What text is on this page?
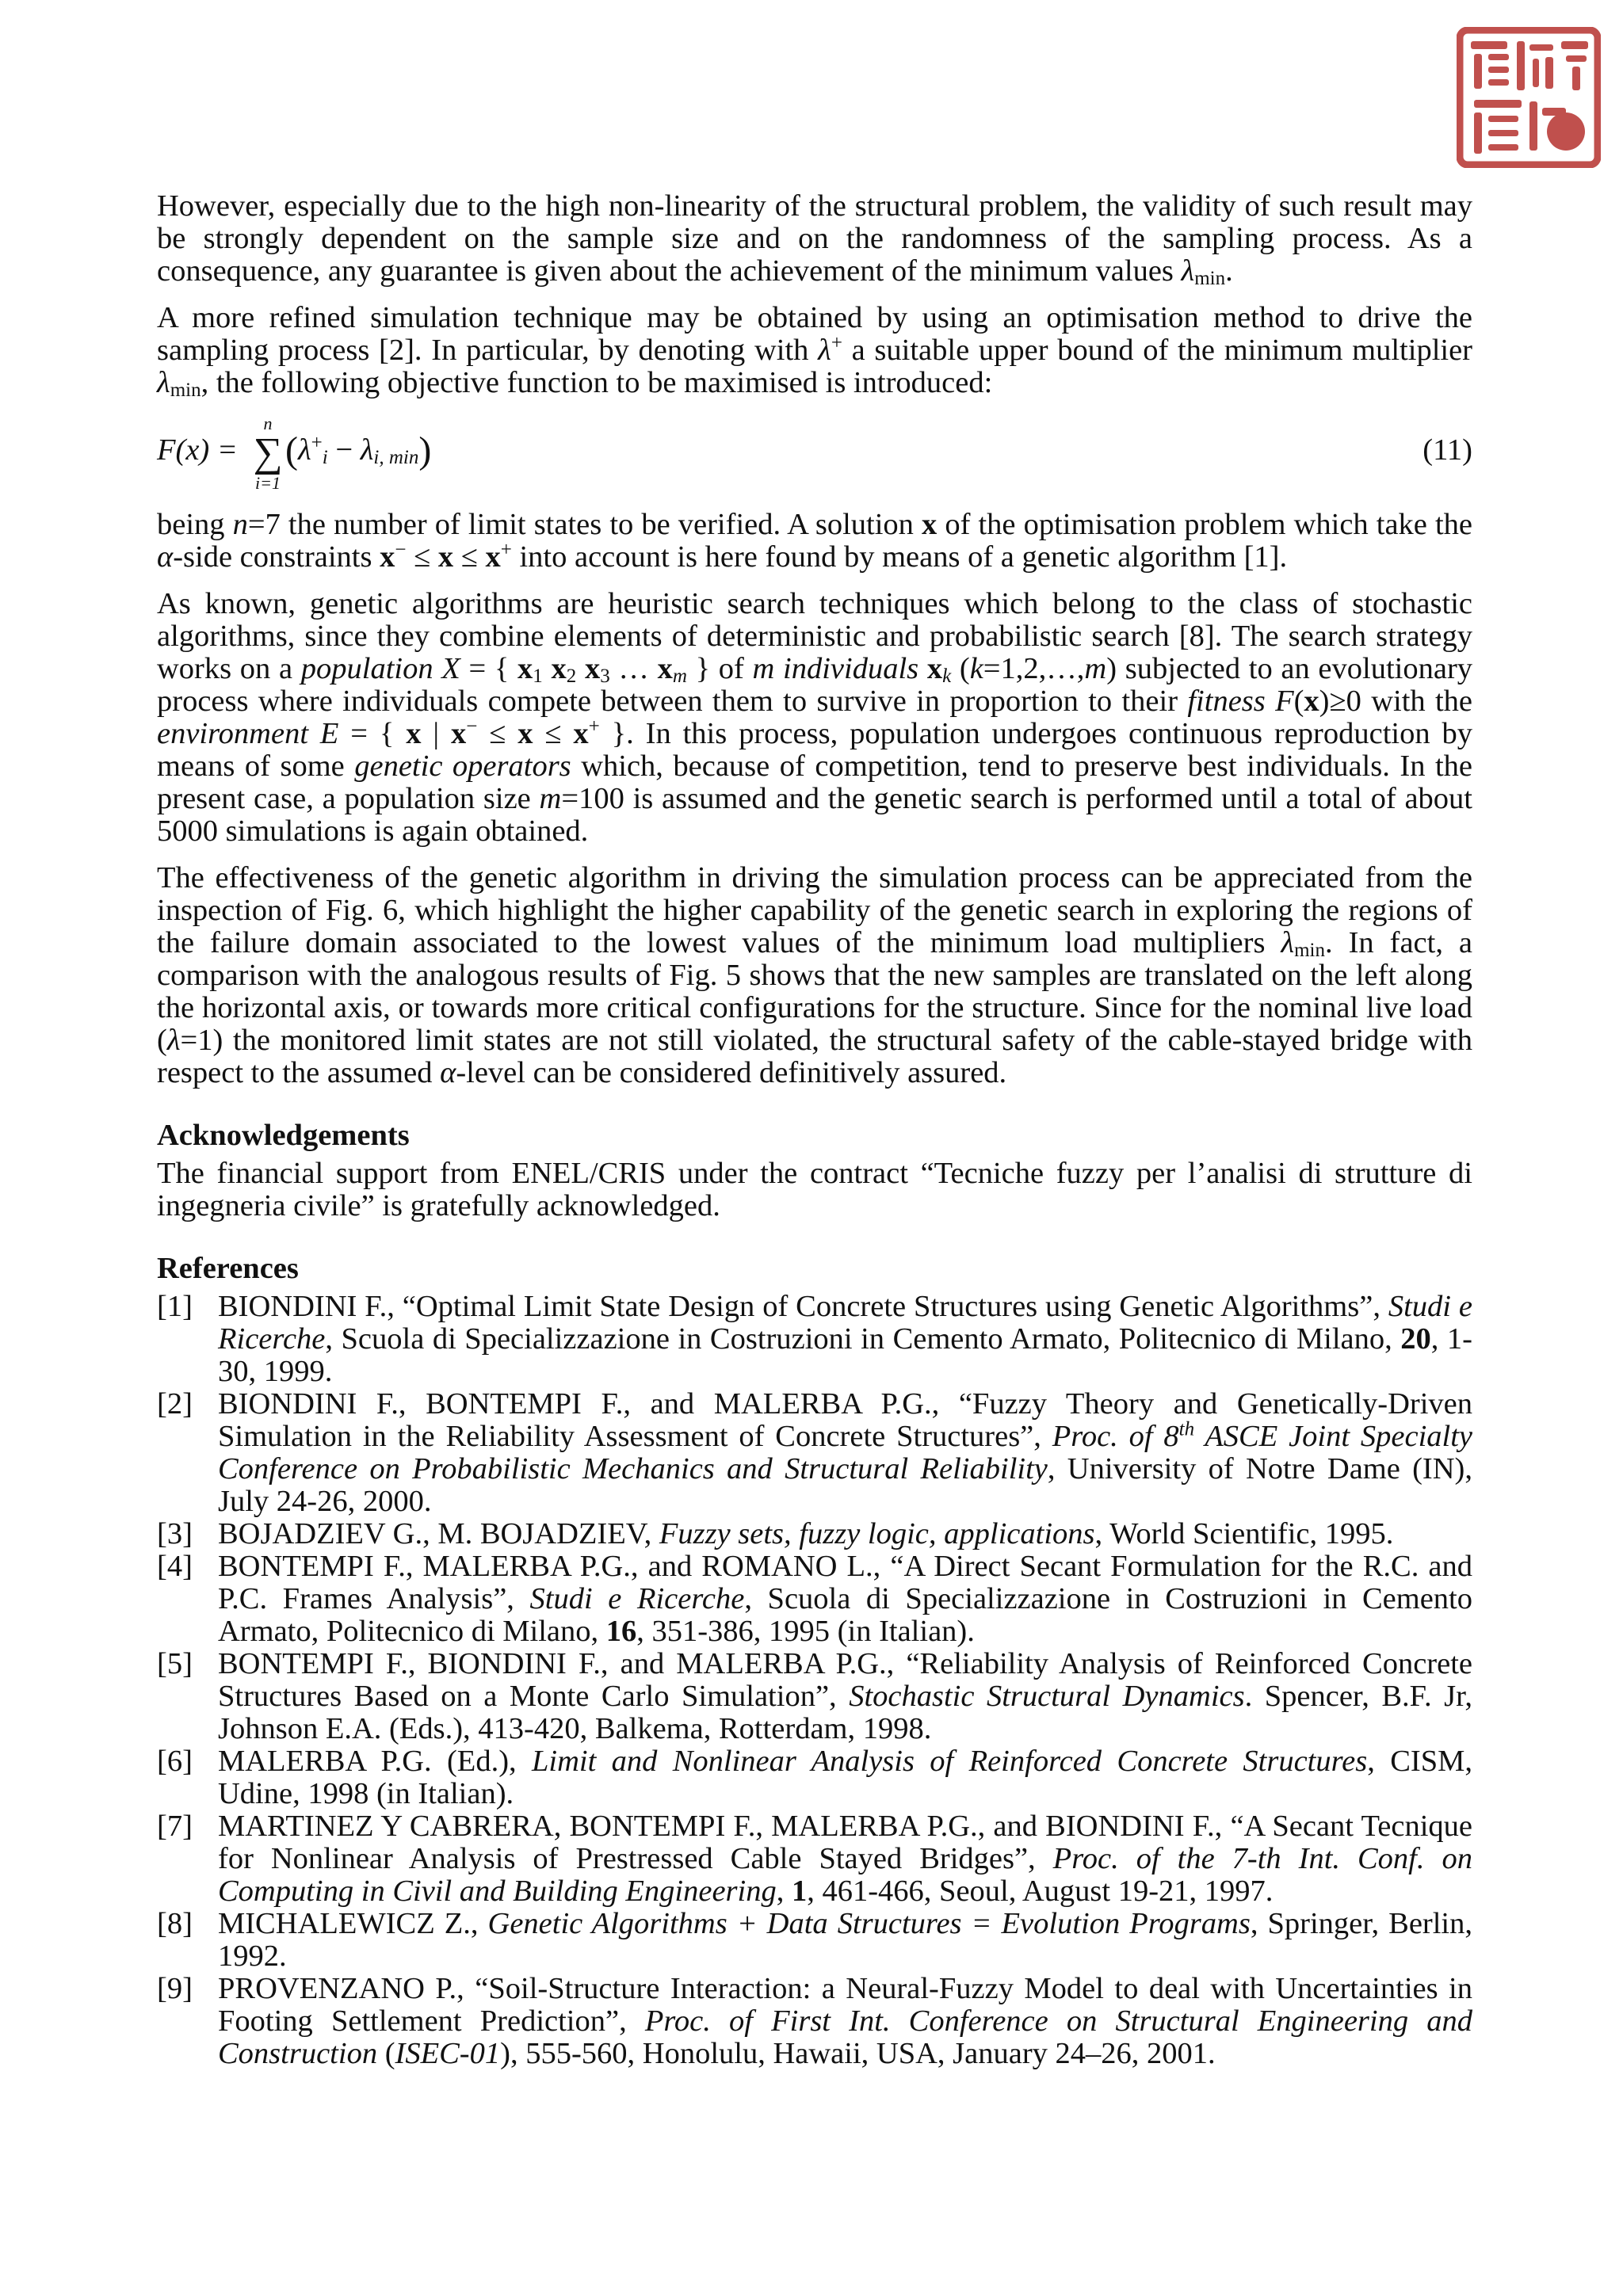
However, especially due to the high non-linearity of the structural problem, the validity of such result may be strongly dependent on the sample size and on the randomness of the sampling process. As a consequence, any guarantee is given about the achievement of the minimum values $\lambda_{min}$.

A more refined simulation technique may be obtained by using an optimisation method to drive the sampling process [2]. In particular, by denoting with λ+ a suitable upper bound of the minimum multiplier $\lambda_{min}$, the following objective function to be maximised is introduced:

F(x) =
n
∑
i=1
$(\lambda^+_i - \lambda_{i, min})$	(11)

being n=7 the number of limit states to be verified. A solution x of the optimisation problem which take the α-side constraints x− ≤ x ≤ x+ into account is here found by means of a genetic algorithm [1].

As known, genetic algorithms are heuristic search techniques which belong to the class of stochastic algorithms, since they combine elements of deterministic and probabilistic search [8]. The search strategy works on a population X = { $x_1$ $x_2$ $x_3$ … $x_m$ } of m individuals $x_k$ (k=1,2,…,m) subjected to an evolutionary process where individuals compete between them to survive in proportion to their fitness F(x)≥0 with the environment E = { x | x− ≤ x ≤ x+ }. In this process, population undergoes continuous reproduction by means of some genetic operators which, because of competition, tend to preserve best individuals. In the present case, a population size m=100 is assumed and the genetic search is performed until a total of about 5000 simulations is again obtained.

The effectiveness of the genetic algorithm in driving the simulation process can be appreciated from the inspection of Fig. 6, which highlight the higher capability of the genetic search in exploring the regions of the failure domain associated to the lowest values of the minimum load multipliers $\lambda_{min}$. In fact, a comparison with the analogous results of Fig. 5 shows that the new samples are translated on the left along the horizontal axis, or towards more critical configurations for the structure. Since for the nominal live load (λ=1) the monitored limit states are not still violated, the structural safety of the cable-stayed bridge with respect to the assumed α-level can be considered definitively assured.

Acknowledgements

The financial support from ENEL/CRIS under the contract “Tecniche fuzzy per l’analisi di strutture di ingegneria civile” is gratefully acknowledged.

References
[1] BIONDINI F., “Optimal Limit State Design of Concrete Structures using Genetic Algorithms”, Studi e Ricerche, Scuola di Specializzazione in Costruzioni in Cemento Armato, Politecnico di Milano, 20, 1-30, 1999.
[2] BIONDINI F., BONTEMPI F., and MALERBA P.G., “Fuzzy Theory and Genetically-Driven Simulation in the Reliability Assessment of Concrete Structures”, Proc. of 8th ASCE Joint Specialty Conference on Probabilistic Mechanics and Structural Reliability, University of Notre Dame (IN), July 24-26, 2000.
[3] BOJADZIEV G., M. BOJADZIEV, Fuzzy sets, fuzzy logic, applications, World Scientific, 1995.
[4] BONTEMPI F., MALERBA P.G., and ROMANO L., “A Direct Secant Formulation for the R.C. and P.C. Frames Analysis”, Studi e Ricerche, Scuola di Specializzazione in Costruzioni in Cemento Armato, Politecnico di Milano, 16, 351-386, 1995 (in Italian).
[5] BONTEMPI F., BIONDINI F., and MALERBA P.G., “Reliability Analysis of Reinforced Concrete Structures Based on a Monte Carlo Simulation”, Stochastic Structural Dynamics. Spencer, B.F. Jr, Johnson E.A. (Eds.), 413-420, Balkema, Rotterdam, 1998.
[6] MALERBA P.G. (Ed.), Limit and Nonlinear Analysis of Reinforced Concrete Structures, CISM, Udine, 1998 (in Italian).
[7] MARTINEZ Y CABRERA, BONTEMPI F., MALERBA P.G., and BIONDINI F., “A Secant Tecnique for Nonlinear Analysis of Prestressed Cable Stayed Bridges”, Proc. of the 7-th Int. Conf. on Computing in Civil and Building Engineering, 1, 461-466, Seoul, August 19-21, 1997.
[8] MICHALEWICZ Z., Genetic Algorithms + Data Structures = Evolution Programs, Springer, Berlin, 1992.
[9] PROVENZANO P., “Soil-Structure Interaction: a Neural-Fuzzy Model to deal with Uncertainties in Footing Settlement Prediction”, Proc. of First Int. Conference on Structural Engineering and Construction (ISEC-01), 555-560, Honolulu, Hawaii, USA, January 24–26, 2001.
